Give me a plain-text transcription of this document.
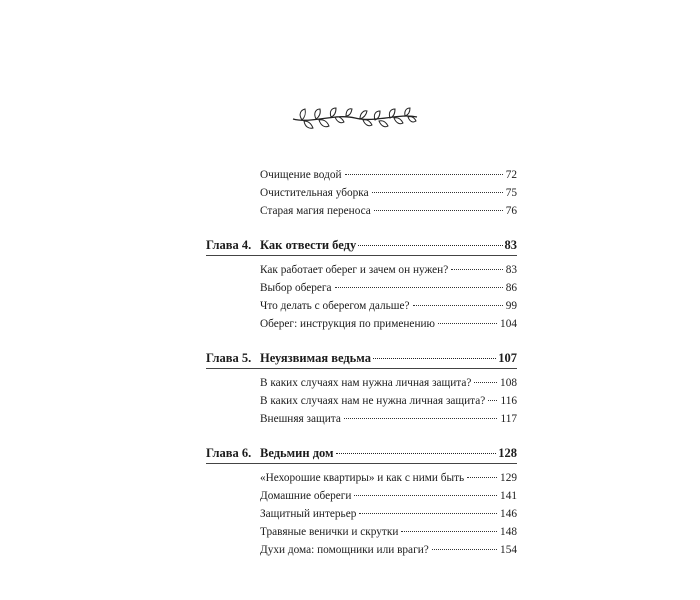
Очищение водой	72
Очистительная уборка	75
Старая магия переноса	76
Глава 4. Как отвести беду	83
Как работает оберег и зачем он нужен?	83
Выбор оберега	86
Что делать с оберегом дальше?	99
Оберег: инструкция по применению	104
Глава 5. Неуязвимая ведьма	107
В каких случаях нам нужна личная защита?	108
В каких случаях нам не нужна личная защита? 116
Внешняя защита	117
Глава 6. Ведьмин дом	128
«Нехорошие квартиры» и как с ними быть	129
Домашние обереги	141
Защитный интерьер	146
Травяные венички и скрутки	148
Духи дома: помощники или враги?	154
